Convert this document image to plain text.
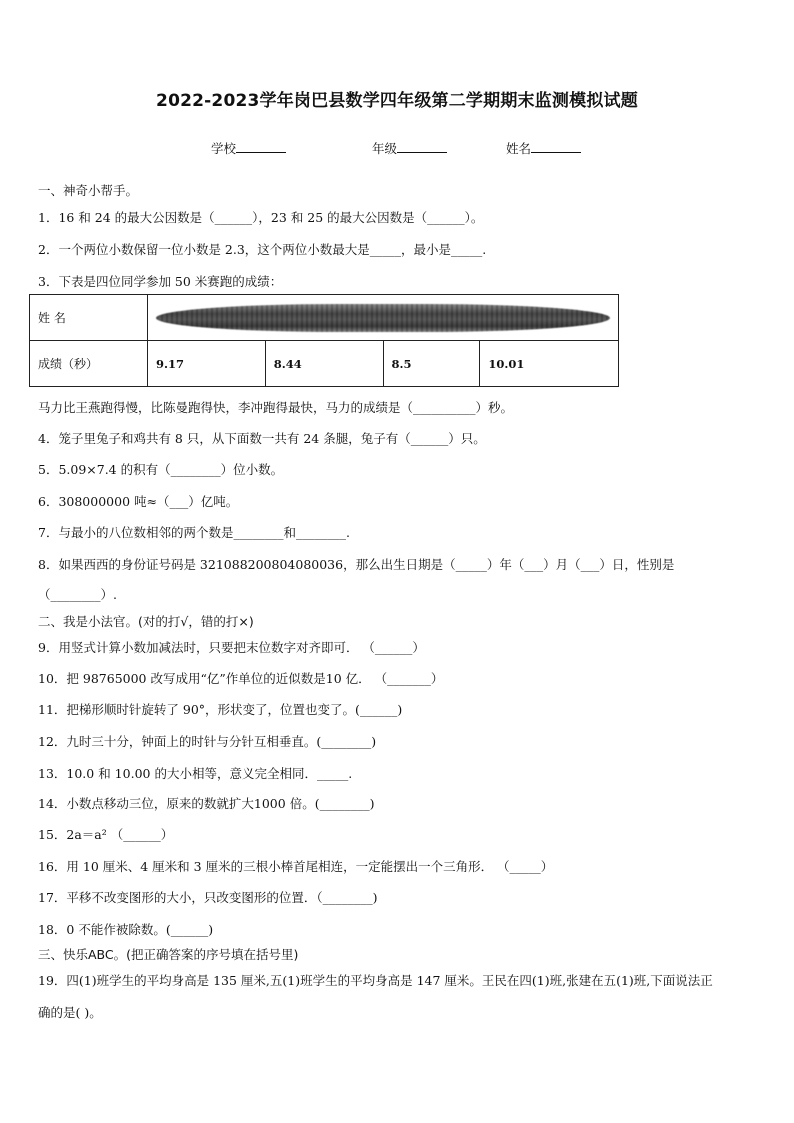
2022-2023学年岗巴县数学四年级第二学期期末监测模拟试题
学校	年级	姓名
一、神奇小帮手。
1．16 和 24 的最大公因数是（______），23 和 25 的最大公因数是（______）。
2．一个两位小数保留一位小数是 2.3，这个两位小数最大是_____，最小是_____.
3．下表是四位同学参加 50 米赛跑的成绩：
姓 名				

成绩（秒）	9.17	8.44	8.5	10.01
马力比王燕跑得慢，比陈曼跑得快，李冲跑得最快，马力的成绩是（__________）秒。
4．笼子里兔子和鸡共有 8 只，从下面数一共有 24 条腿，兔子有（______）只。
5．5.09×7.4 的积有（________）位小数。
6．308000000 吨≈（___）亿吨。
7．与最小的八位数相邻的两个数是________和________.
8．如果西西的身份证号码是 321088200804080036，那么出生日期是（_____）年（___）月（___）日，性别是
（________）.
二、我是小法官。(对的打√，错的打×)
9．用竖式计算小数加减法时，只要把末位数字对齐即可． （______）
10．把 98765000 改写成用“亿”作单位的近似数是10 亿． （_______）
11．把梯形顺时针旋转了 90°，形状变了，位置也变了。(______)
12．九时三十分，钟面上的时针与分针互相垂直。(________)
13．10.0 和 10.00 的大小相等，意义完全相同．_____.
14．小数点移动三位，原来的数就扩大1000 倍。(________)
15．2a＝a² （______）
16．用 10 厘米、4 厘米和 3 厘米的三根小棒首尾相连，一定能摆出一个三角形． （_____）
17．平移不改变图形的大小，只改变图形的位置．（________)
18．0 不能作被除数。(______)
三、快乐ABC。(把正确答案的序号填在括号里)
19．四(1)班学生的平均身高是 135 厘米,五(1)班学生的平均身高是 147 厘米。王民在四(1)班,张建在五(1)班,下面说法正
确的是( )。
